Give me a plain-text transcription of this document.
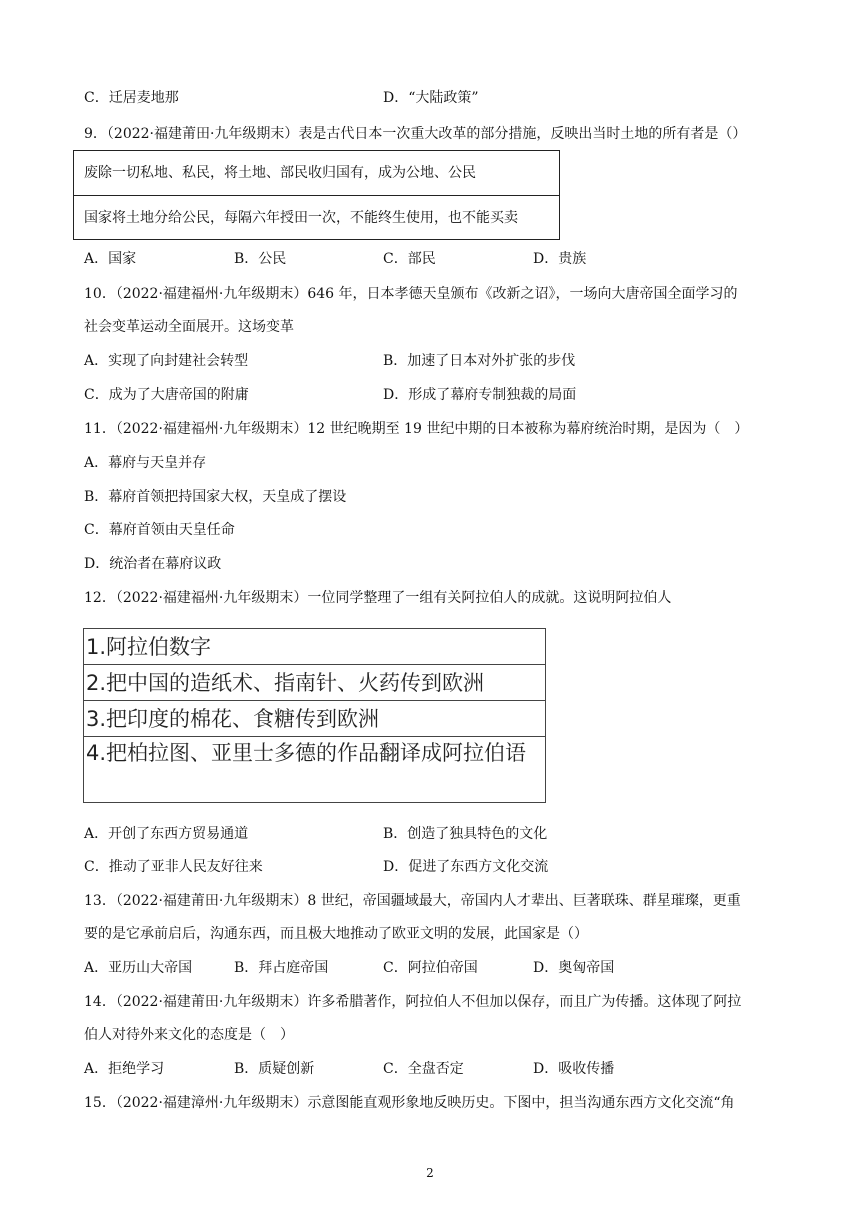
C．迁居麦地那	D．“大陆政策”
9．（2022·福建莆田·九年级期末）表是古代日本一次重大改革的部分措施，反映出当时土地的所有者是（）
废除一切私地、私民，将土地、部民收归国有，成为公地、公民
国家将土地分给公民，每隔六年授田一次，不能终生使用，也不能买卖
A．国家	B．公民	C．部民	D．贵族
10．（2022·福建福州·九年级期末）646 年，日本孝德天皇颁布《改新之诏》，一场向大唐帝国全面学习的
社会变革运动全面展开。这场变革
A．实现了向封建社会转型	B．加速了日本对外扩张的步伐
C．成为了大唐帝国的附庸	D．形成了幕府专制独裁的局面
11．（2022·福建福州·九年级期末）12 世纪晚期至 19 世纪中期的日本被称为幕府统治时期，是因为（　）
A．幕府与天皇并存
B．幕府首领把持国家大权，天皇成了摆设
C．幕府首领由天皇任命
D．统治者在幕府议政
12．（2022·福建福州·九年级期末）一位同学整理了一组有关阿拉伯人的成就。这说明阿拉伯人
1.阿拉伯数字
2.把中国的造纸术、指南针、火药传到欧洲
3.把印度的棉花、食糖传到欧洲
4.把柏拉图、亚里士多德的作品翻译成阿拉伯语
A．开创了东西方贸易通道	B．创造了独具特色的文化
C．推动了亚非人民友好往来	D．促进了东西方文化交流
13．（2022·福建莆田·九年级期末）8 世纪，帝国疆域最大，帝国内人才辈出、巨著联珠、群星璀璨，更重
要的是它承前启后，沟通东西，而且极大地推动了欧亚文明的发展，此国家是（）
A．亚历山大帝国	B．拜占庭帝国	C．阿拉伯帝国	D．奥匈帝国
14．（2022·福建莆田·九年级期末）许多希腊著作，阿拉伯人不但加以保存，而且广为传播。这体现了阿拉
伯人对待外来文化的态度是（　）
A．拒绝学习	B．质疑创新	C．全盘否定	D．吸收传播
15．（2022·福建漳州·九年级期末）示意图能直观形象地反映历史。下图中，担当沟通东西方文化交流“角
2
